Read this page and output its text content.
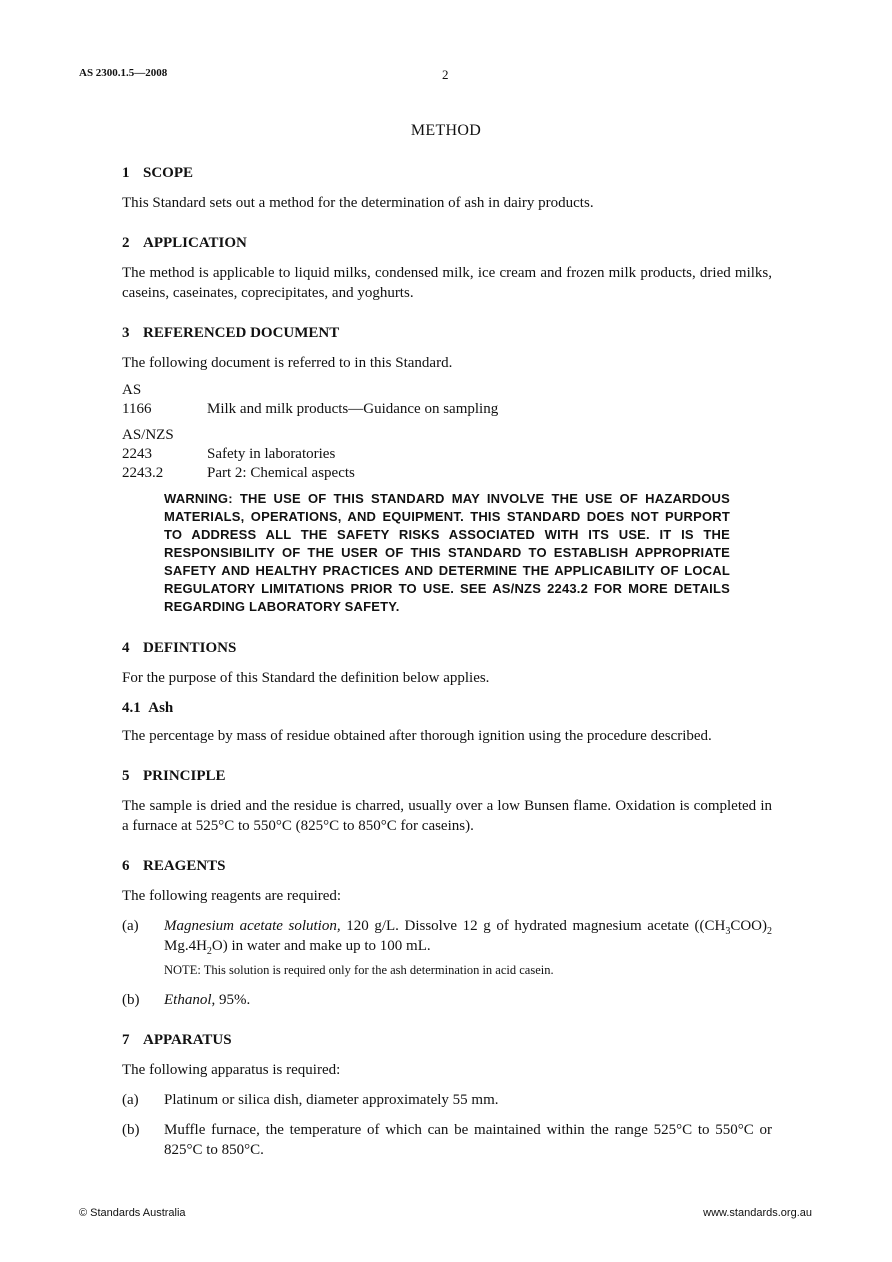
AS 2300.1.5—2008	2
METHOD
1 SCOPE
This Standard sets out a method for the determination of ash in dairy products.
2 APPLICATION
The method is applicable to liquid milks, condensed milk, ice cream and frozen milk products, dried milks, caseins, caseinates, coprecipitates, and yoghurts.
3 REFERENCED DOCUMENT
The following document is referred to in this Standard.
AS
1166	Milk and milk products—Guidance on sampling
AS/NZS
2243	Safety in laboratories
2243.2	Part 2: Chemical aspects
WARNING: THE USE OF THIS STANDARD MAY INVOLVE THE USE OF HAZARDOUS MATERIALS, OPERATIONS, AND EQUIPMENT. THIS STANDARD DOES NOT PURPORT TO ADDRESS ALL THE SAFETY RISKS ASSOCIATED WITH ITS USE. IT IS THE RESPONSIBILITY OF THE USER OF THIS STANDARD TO ESTABLISH APPROPRIATE SAFETY AND HEALTHY PRACTICES AND DETERMINE THE APPLICABILITY OF LOCAL REGULATORY LIMITATIONS PRIOR TO USE. SEE AS/NZS 2243.2 FOR MORE DETAILS REGARDING LABORATORY SAFETY.
4 DEFINTIONS
For the purpose of this Standard the definition below applies.
4.1 Ash
The percentage by mass of residue obtained after thorough ignition using the procedure described.
5 PRINCIPLE
The sample is dried and the residue is charred, usually over a low Bunsen flame. Oxidation is completed in a furnace at 525°C to 550°C (825°C to 850°C for caseins).
6 REAGENTS
The following reagents are required:
(a)	Magnesium acetate solution, 120 g/L. Dissolve 12 g of hydrated magnesium acetate ($(CH_3COO)_2$ $Mg.4H_2O$) in water and make up to 100 mL.
NOTE: This solution is required only for the ash determination in acid casein.
(b)	Ethanol, 95%.
7 APPARATUS
The following apparatus is required:
(a)	Platinum or silica dish, diameter approximately 55 mm.
(b)	Muffle furnace, the temperature of which can be maintained within the range 525°C to 550°C or 825°C to 850°C.
© Standards Australia	www.standards.org.au
